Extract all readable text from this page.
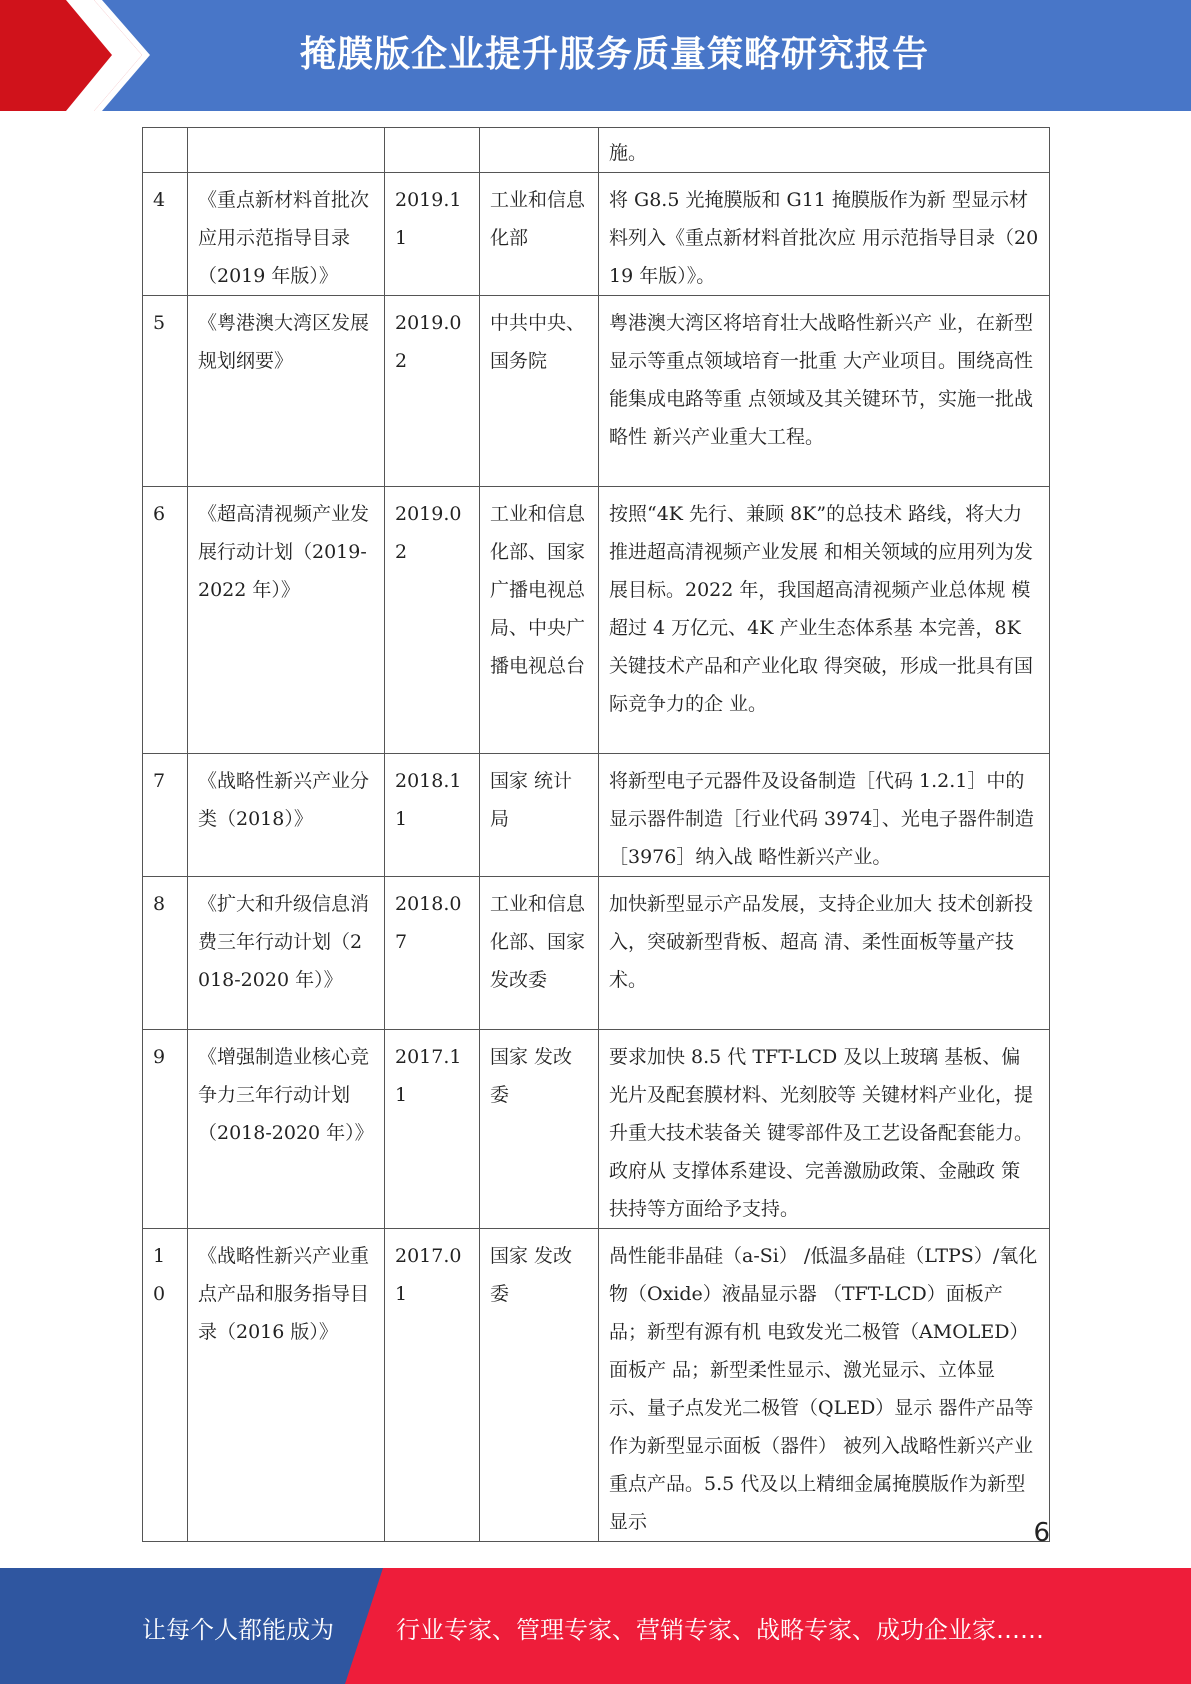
掩膜版企业提升服务质量策略研究报告
				施。
4	《重点新材料首批次应用示范指导目录（2019 年版）》	2019.11	工业和信息化部	将 G8.5 光掩膜版和 G11 掩膜版作为新 型显示材料列入《重点新材料首批次应 用示范指导目录（2019 年版）》。
5	《粤港澳大湾区发展规划纲要》	2019.02	中共中央、国务院	粤港澳大湾区将培育壮大战略性新兴产 业，在新型显示等重点领域培育一批重 大产业项目。围绕高性能集成电路等重 点领域及其关键环节，实施一批战略性 新兴产业重大工程。
6	《超高清视频产业发展行动计划（2019-2022 年）》	2019.02	工业和信息化部、国家广播电视总局、中央广播电视总台	按照“4K 先行、兼顾 8K”的总技术 路线，将大力推进超高清视频产业发展 和相关领域的应用列为发展目标。2022 年，我国超高清视频产业总体规 模超过 4 万亿元、4K 产业生态体系基 本完善，8K 关键技术产品和产业化取 得突破，形成一批具有国际竞争力的企 业。
7	《战略性新兴产业分类（2018）》	2018.11	国家 统计局	将新型电子元器件及设备制造［代码 1.2.1］中的显示器件制造［行业代码 3974］、光电子器件制造［3976］纳入战 略性新兴产业。
8	《扩大和升级信息消费三年行动计划（2018-2020 年）》	2018.07	工业和信息化部、国家发改委	加快新型显示产品发展，支持企业加大 技术创新投入，突破新型背板、超高 清、柔性面板等量产技术。
9	《增强制造业核心竞争力三年行动计划（2018-2020 年）》	2017.11	国家 发改委	要求加快 8.5 代 TFT-LCD 及以上玻璃 基板、偏光片及配套膜材料、光刻胶等 关键材料产业化，提升重大技术装备关 键零部件及工艺设备配套能力。政府从 支撑体系建设、完善激励政策、金融政 策扶持等方面给予支持。
10	《战略性新兴产业重点产品和服务指导目录（2016 版）》	2017.01	国家 发改委	咼性能非晶硅（a-Si） /低温多晶硅（LTPS）/氧化物（Oxide）液晶显示器 （TFT-LCD）面板产品；新型有源有机 电致发光二极管（AMOLED）面板产 品；新型柔性显示、激光显示、立体显 示、量子点发光二极管（QLED）显示 器件产品等作为新型显示面板（器件） 被列入战略性新兴产业重点产品。5.5 代及以上精细金属掩膜版作为新型显示	6
让每个人都能成为	行业专家、管理专家、营销专家、战略专家、成功企业家……
